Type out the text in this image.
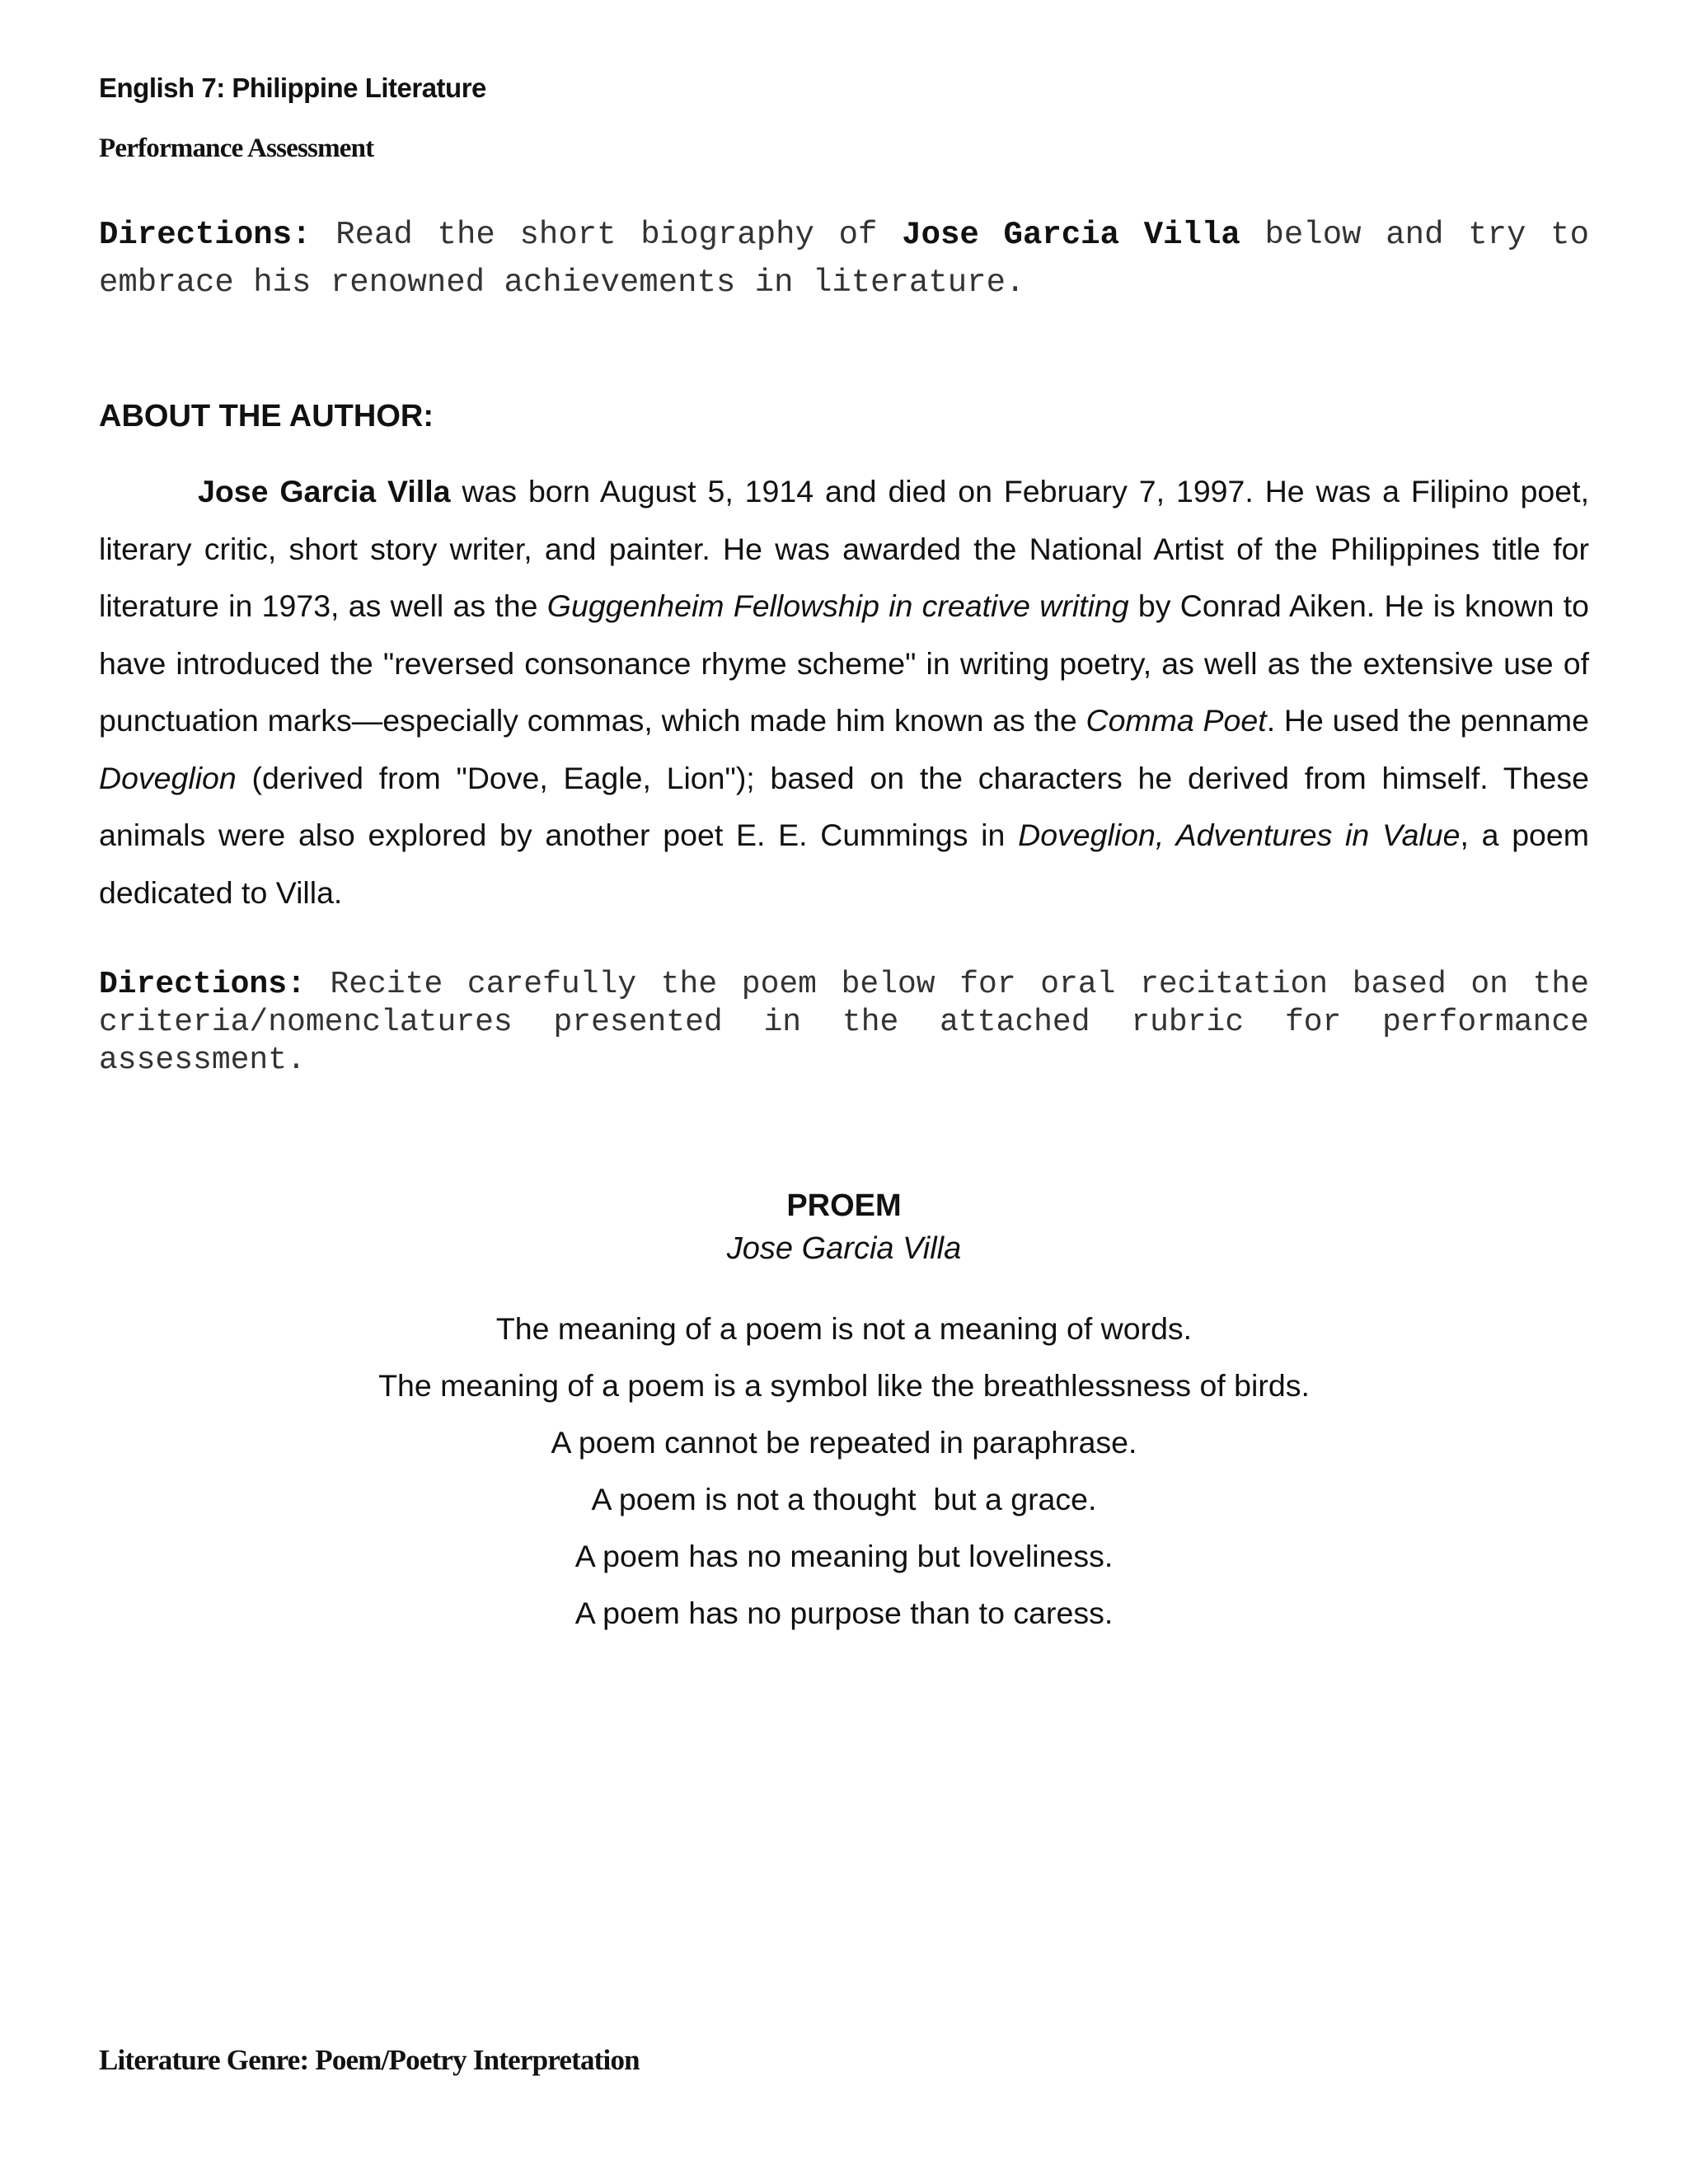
English 7: Philippine Literature
Performance Assessment

Directions: Read the short biography of Jose Garcia Villa below and try to embrace his renowned achievements in literature.

ABOUT THE AUTHOR:

Jose Garcia Villa was born August 5, 1914 and died on February 7, 1997. He was a Filipino poet, literary critic, short story writer, and painter. He was awarded the National Artist of the Philippines title for literature in 1973, as well as the Guggenheim Fellowship in creative writing by Conrad Aiken. He is known to have introduced the "reversed consonance rhyme scheme" in writing poetry, as well as the extensive use of punctuation marks—especially commas, which made him known as the Comma Poet. He used the penname Doveglion (derived from "Dove, Eagle, Lion"); based on the characters he derived from himself. These animals were also explored by another poet E. E. Cummings in Doveglion, Adventures in Value, a poem dedicated to Villa.

Directions: Recite carefully the poem below for oral recitation based on the criteria/nomenclatures presented in the attached rubric for performance assessment.

PROEM
Jose Garcia Villa
The meaning of a poem is not a meaning of words.
The meaning of a poem is a symbol like the breathlessness of birds.
A poem cannot be repeated in paraphrase.
A poem is not a thought  but a grace.
A poem has no meaning but loveliness.
A poem has no purpose than to caress.
Literature Genre: Poem/Poetry Interpretation
